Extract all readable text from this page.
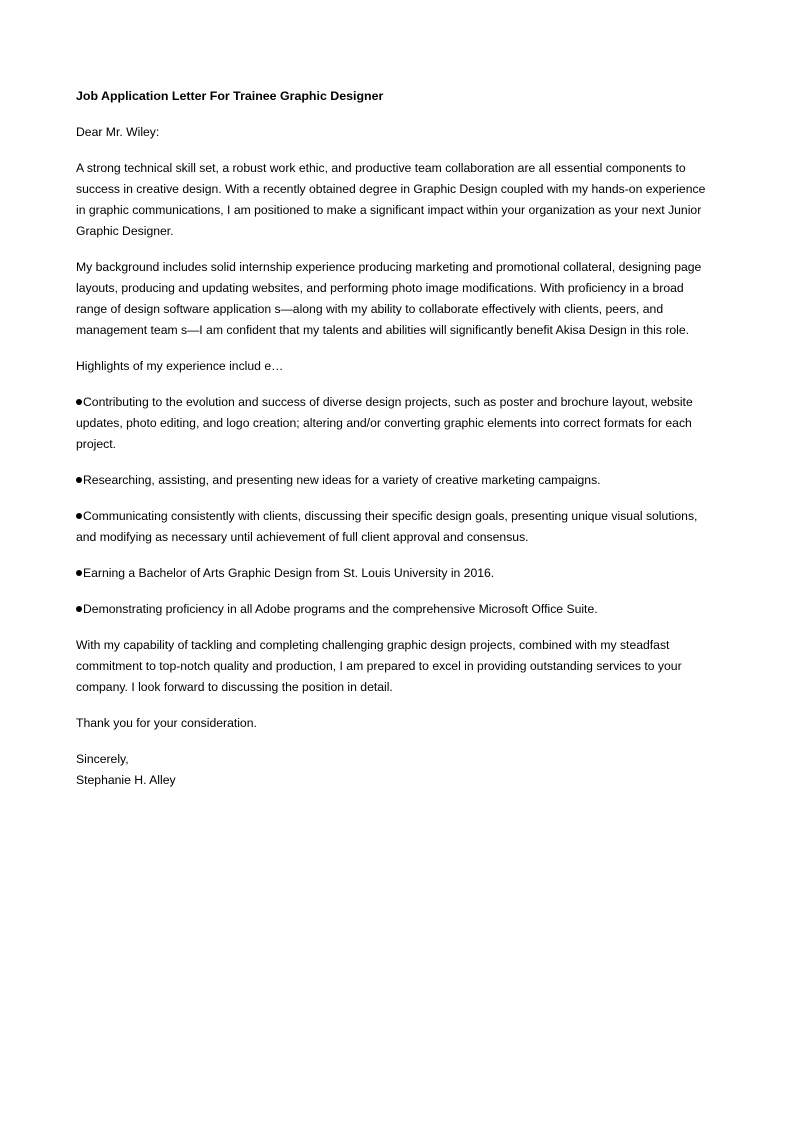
Job Application Letter For Trainee Graphic Designer

Dear Mr. Wiley:

A strong technical skill set, a robust work ethic, and productive team collaboration are all essential components to success in creative design. With a recently obtained degree in Graphic Design coupled with my hands-on experience in graphic communications, I am positioned to make a significant impact within your organization as your next Junior Graphic Designer.

My background includes solid internship experience producing marketing and promotional collateral, designing page layouts, producing and updating websites, and performing photo image modifications. With proficiency in a broad range of design software application s—along with my ability to collaborate effectively with clients, peers, and management team s—I am confident that my talents and abilities will significantly benefit Akisa Design in this role.

Highlights of my experience includ e…

Contributing to the evolution and success of diverse design projects, such as poster and brochure layout, website updates, photo editing, and logo creation; altering and/or converting graphic elements into correct formats for each project.

Researching, assisting, and presenting new ideas for a variety of creative marketing campaigns.

Communicating consistently with clients, discussing their specific design goals, presenting unique visual solutions, and modifying as necessary until achievement of full client approval and consensus.

Earning a Bachelor of Arts Graphic Design from St. Louis University in 2016.

Demonstrating proficiency in all Adobe programs and the comprehensive Microsoft Office Suite.

With my capability of tackling and completing challenging graphic design projects, combined with my steadfast commitment to top-notch quality and production, I am prepared to excel in providing outstanding services to your company. I look forward to discussing the position in detail.

Thank you for your consideration.

Sincerely,

Stephanie H. Alley
